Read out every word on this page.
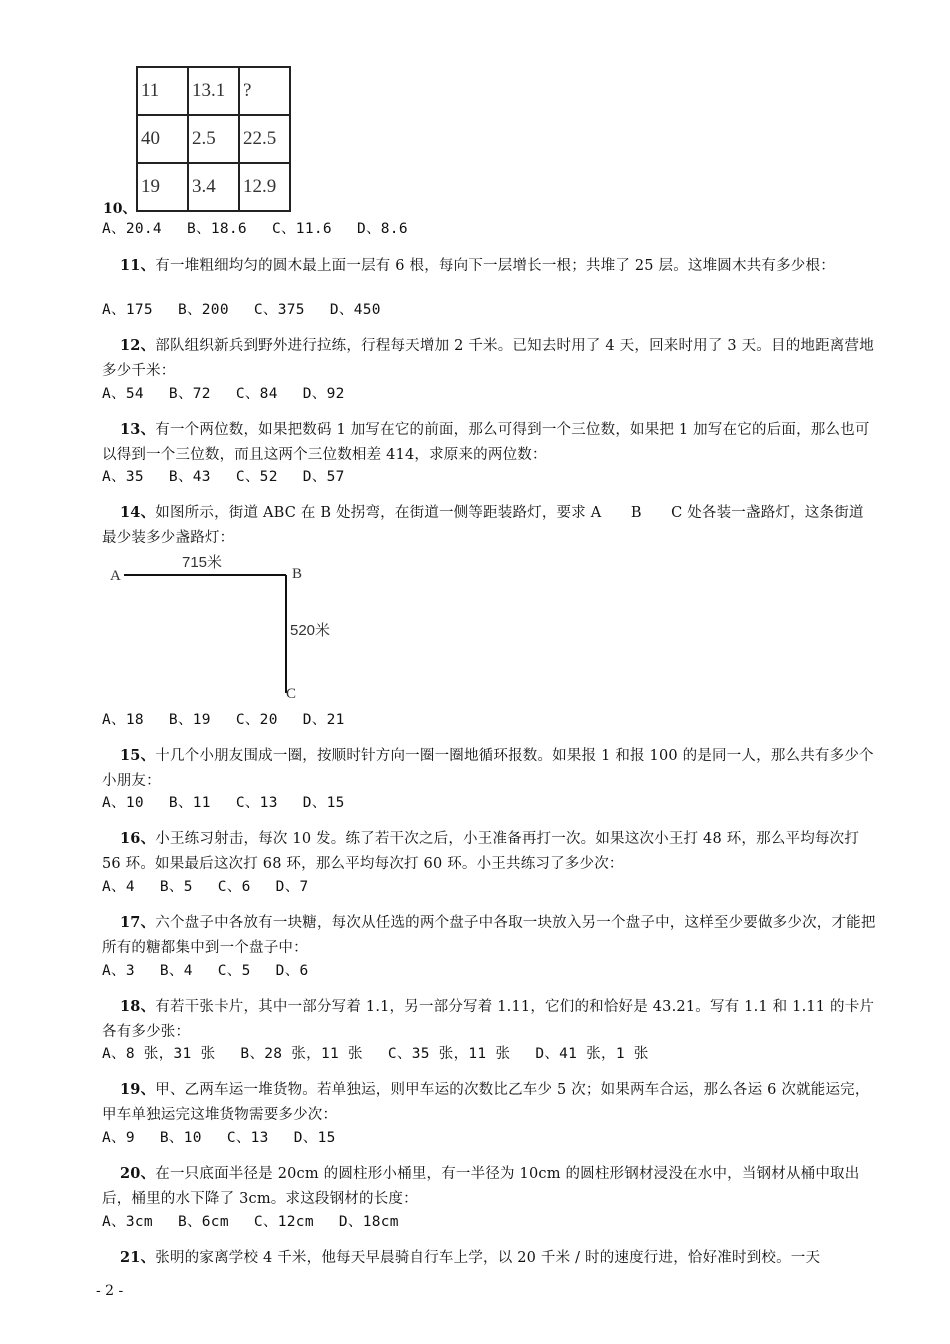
11	13.1	?
40	2.5	22.5
19	3.4	12.9
10、
A、20.4 B、18.6 C、11.6 D、8.6
11、有一堆粗细均匀的圆木最上面一层有 6 根，每向下一层增长一根；共堆了 25 层。这堆圆木共有多少根：
A、175 B、200 C、375 D、450
12、部队组织新兵到野外进行拉练，行程每天增加 2 千米。已知去时用了 4 天，回来时用了 3 天。目的地距离营地多少千米：
A、54 B、72 C、84 D、92
13、有一个两位数，如果把数码 1 加写在它的前面，那么可得到一个三位数，如果把 1 加写在它的后面，那么也可以得到一个三位数，而且这两个三位数相差 414，求原来的两位数：
A、35 B、43 C、52 D、57
14、如图所示，街道 ABC 在 B 处拐弯，在街道一侧等距装路灯，要求 A　　B　　C 处各装一盏路灯，这条街道最少装多少盏路灯：
A	B
C
715米
520米
A、18 B、19 C、20 D、21
15、十几个小朋友围成一圈，按顺时针方向一圈一圈地循环报数。如果报 1 和报 100 的是同一人，那么共有多少个小朋友：
A、10 B、11 C、13 D、15
16、小王练习射击，每次 10 发。练了若干次之后，小王准备再打一次。如果这次小王打 48 环，那么平均每次打 56 环。如果最后这次打 68 环，那么平均每次打 60 环。小王共练习了多少次：
A、4 B、5 C、6 D、7
17、六个盘子中各放有一块糖，每次从任选的两个盘子中各取一块放入另一个盘子中，这样至少要做多少次，才能把所有的糖都集中到一个盘子中：
A、3 B、4 C、5 D、6
18、有若干张卡片，其中一部分写着 1.1，另一部分写着 1.11，它们的和恰好是 43.21。写有 1.1 和 1.11 的卡片各有多少张：
A、8 张，31 张 B、28 张，11 张 C、35 张，11 张 D、41 张，1 张
19、甲、乙两车运一堆货物。若单独运，则甲车运的次数比乙车少 5 次；如果两车合运，那么各运 6 次就能运完，甲车单独运完这堆货物需要多少次：
A、9 B、10 C、13 D、15
20、在一只底面半径是 20cm 的圆柱形小桶里，有一半径为 10cm 的圆柱形钢材浸没在水中，当钢材从桶中取出后，桶里的水下降了 3cm。求这段钢材的长度：
A、3cm B、6cm C、12cm D、18cm
21、张明的家离学校 4 千米，他每天早晨骑自行车上学，以 20 千米 / 时的速度行进，恰好准时到校。一天
- 2 -
